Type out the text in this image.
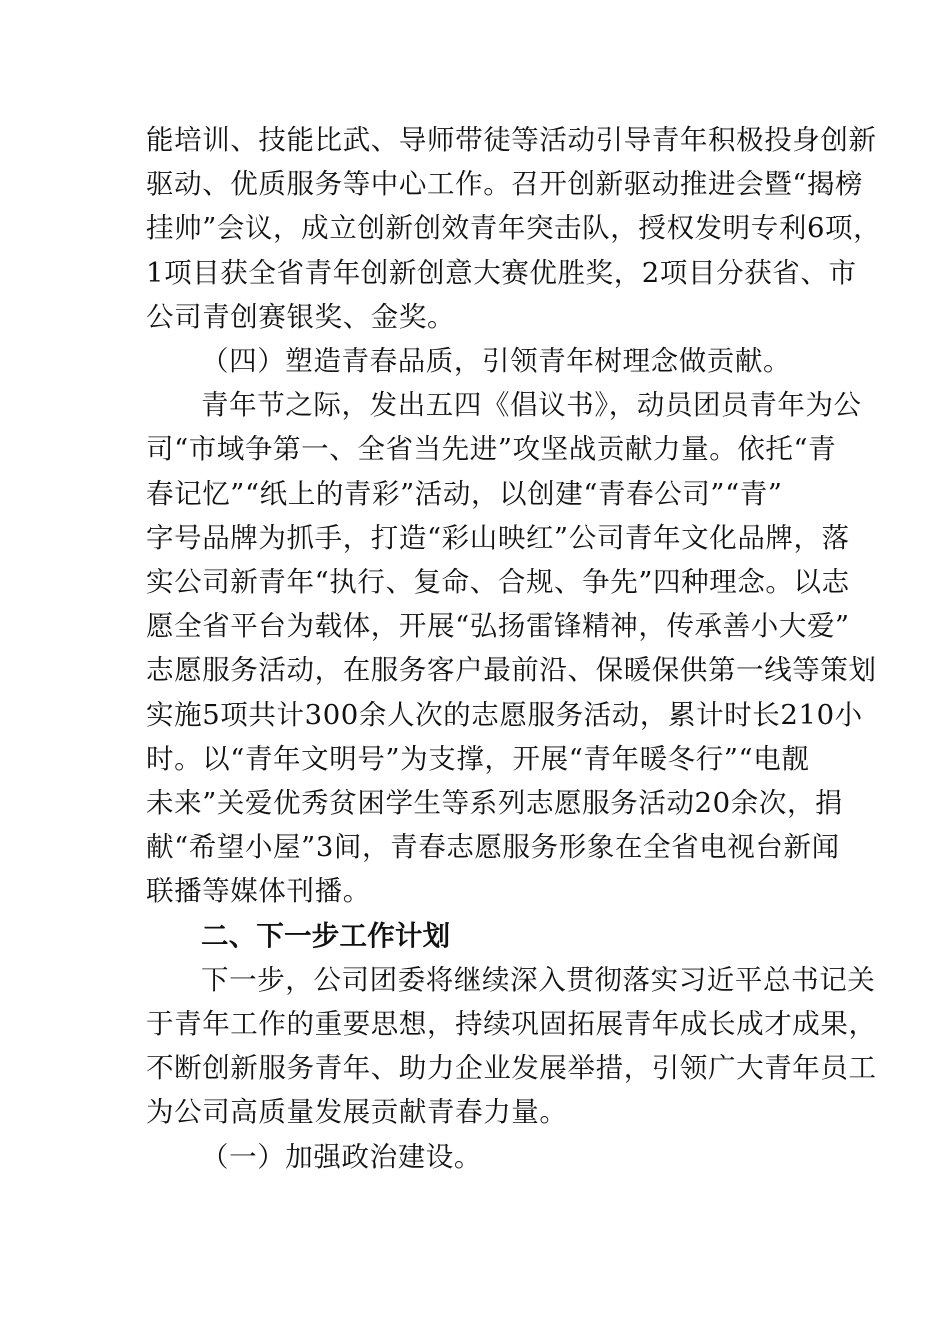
能培训、技能比武、导师带徒等活动引导青年积极投身创新
驱动、优质服务等中心工作。召开创新驱动推进会暨“揭榜
挂帅”会议，成立创新创效青年突击队，授权发明专利6项，
1项目获全省青年创新创意大赛优胜奖，2项目分获省、市
公司青创赛银奖、金奖。
（四）塑造青春品质，引领青年树理念做贡献。
青年节之际，发出五四《倡议书》，动员团员青年为公
司“市域争第一、全省当先进”攻坚战贡献力量。依托“青
春记忆”“纸上的青彩”活动，以创建“青春公司”“青”
字号品牌为抓手，打造“彩山映红”公司青年文化品牌，落
实公司新青年“执行、复命、合规、争先”四种理念。以志
愿全省平台为载体，开展“弘扬雷锋精神，传承善小大爱”
志愿服务活动，在服务客户最前沿、保暖保供第一线等策划
实施5项共计300余人次的志愿服务活动，累计时长210小
时。以“青年文明号”为支撑，开展“青年暖冬行”“电靓
未来”关爱优秀贫困学生等系列志愿服务活动20余次，捐
献“希望小屋”3间，青春志愿服务形象在全省电视台新闻
联播等媒体刊播。
二、下一步工作计划
下一步，公司团委将继续深入贯彻落实习近平总书记关
于青年工作的重要思想，持续巩固拓展青年成长成才成果，
不断创新服务青年、助力企业发展举措，引领广大青年员工
为公司高质量发展贡献青春力量。
（一）加强政治建设。
